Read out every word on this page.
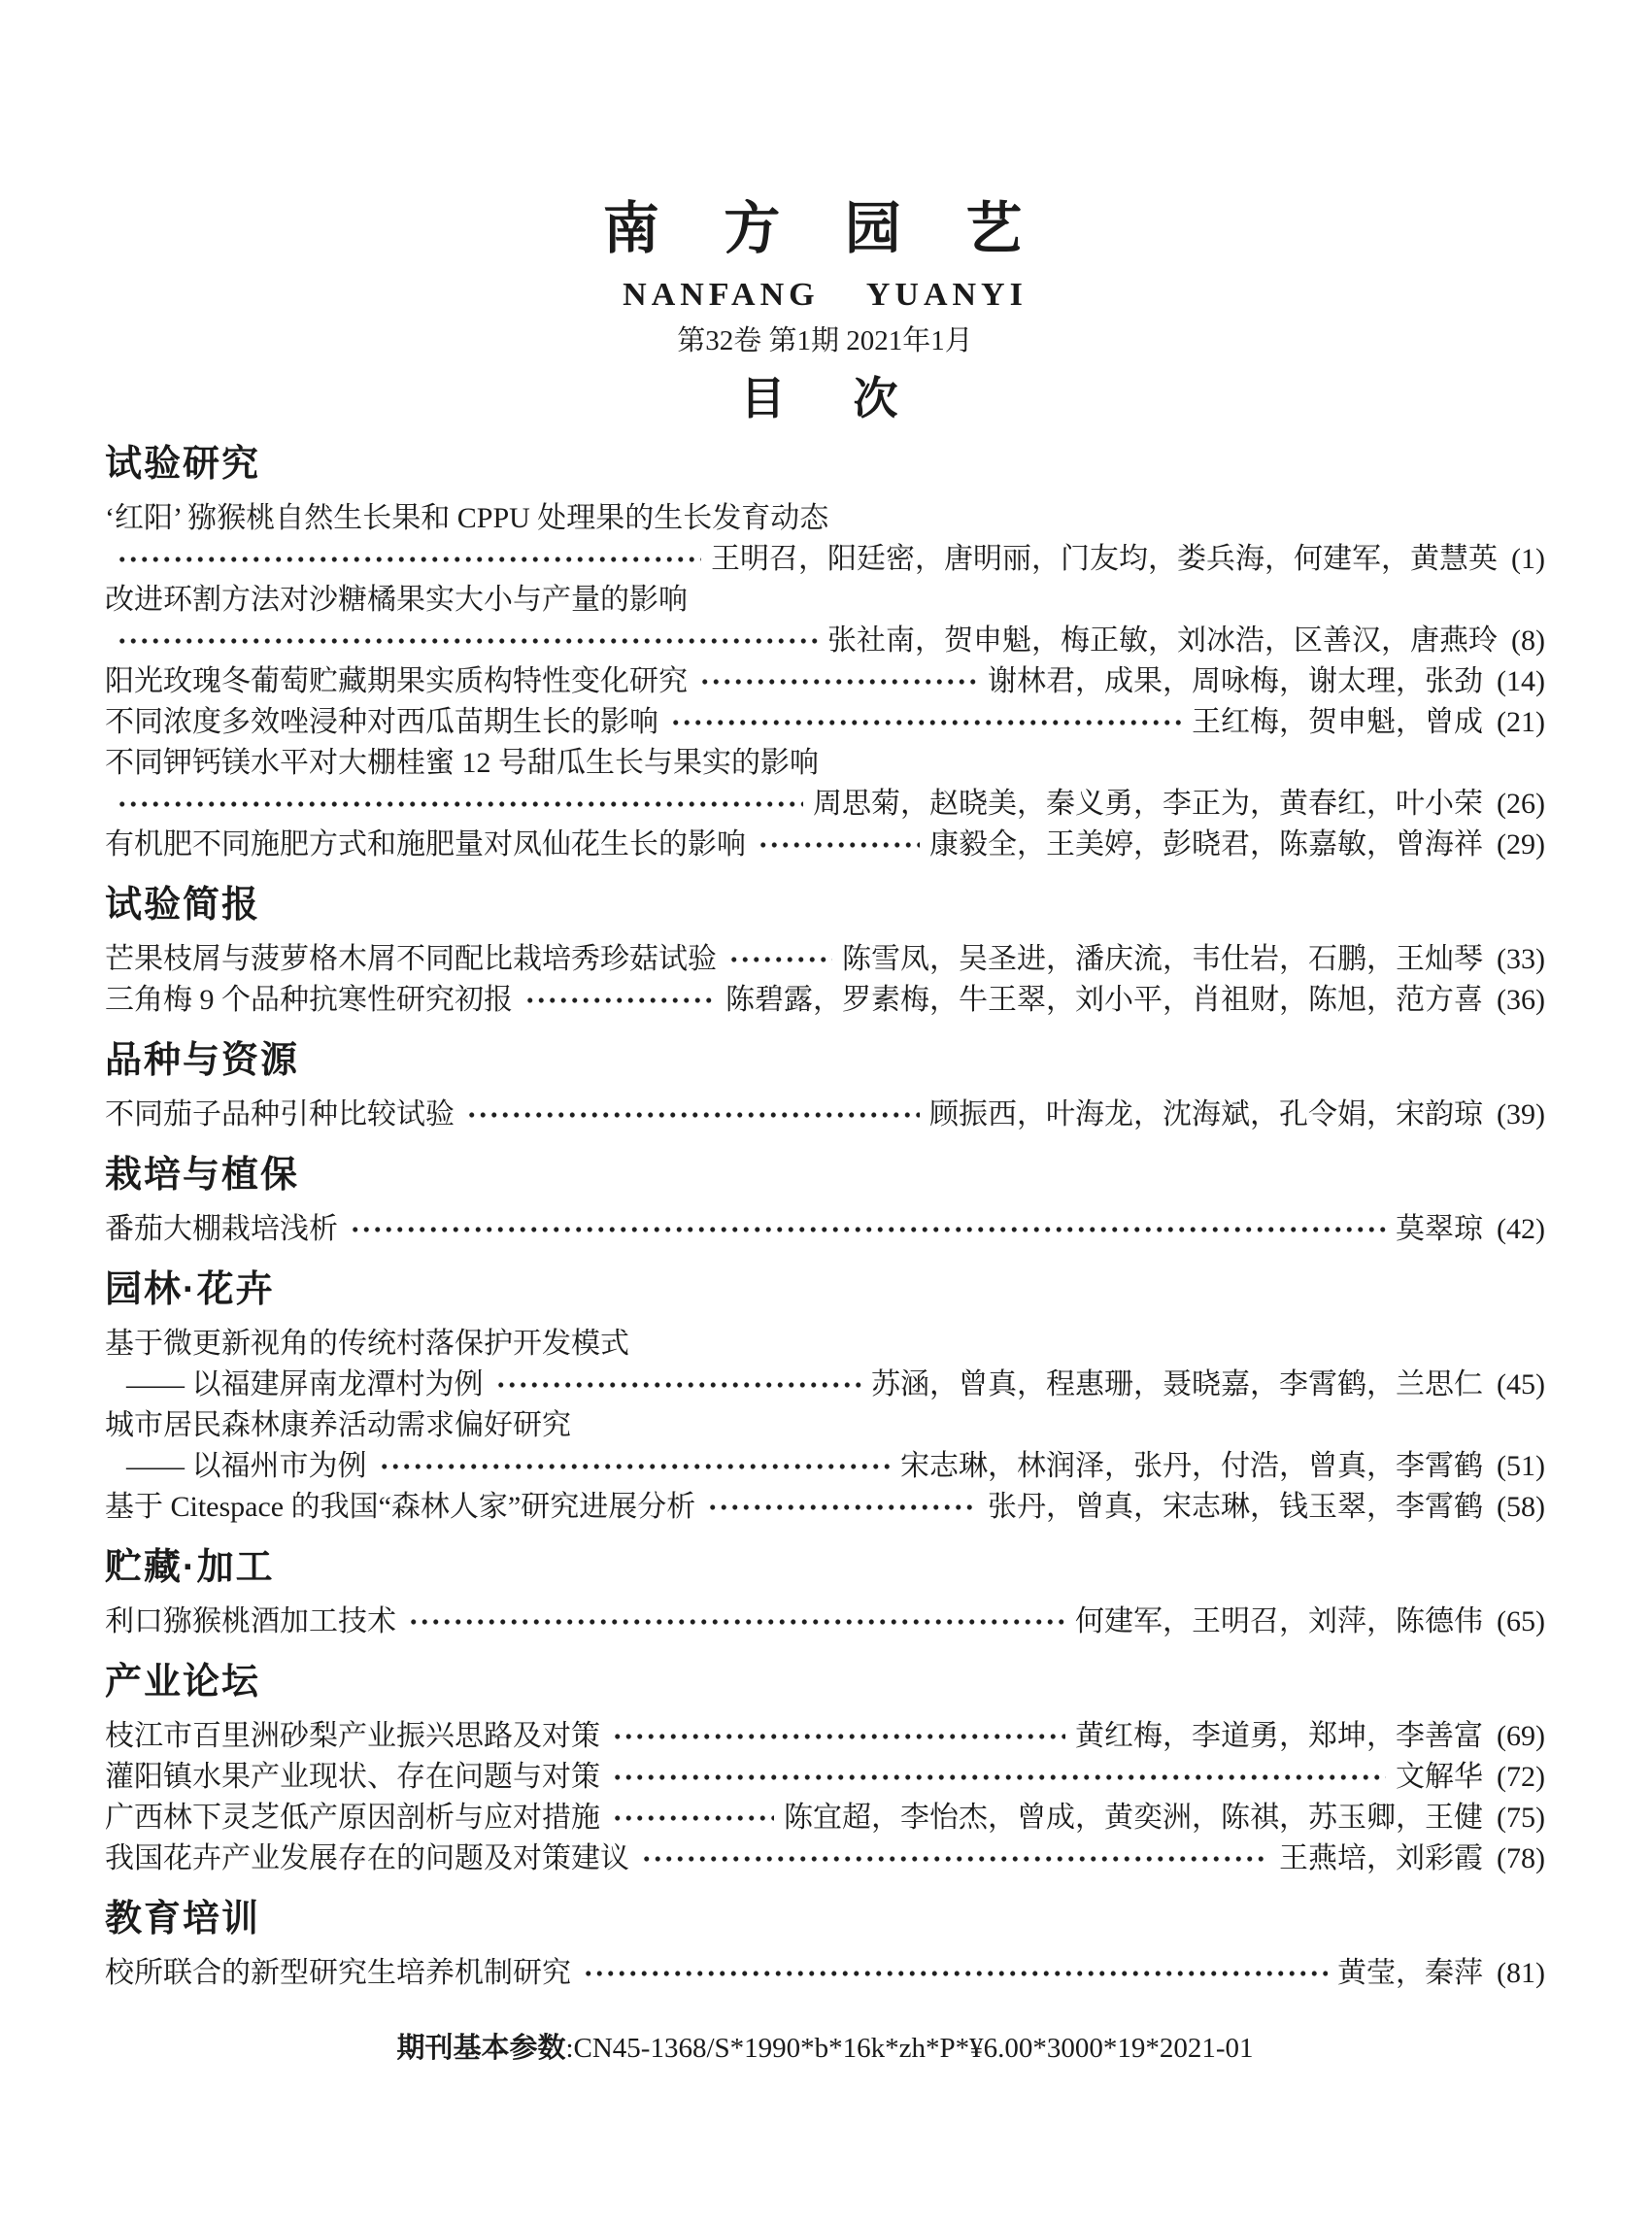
南 方 园 艺
NANFANG YUANYI
第32卷 第1期 2021年1月
目　次
试验研究
‘红阳’ 猕猴桃自然生长果和 CPPU 处理果的生长发育动态
王明召，阳廷密，唐明丽，门友均，娄兵海，何建军，黄慧英 (1)
改进环割方法对沙糖橘果实大小与产量的影响
张社南，贺申魁，梅正敏，刘冰浩，区善汉，唐燕玲 (8)
阳光玫瑰冬葡萄贮藏期果实质构特性变化研究	谢林君，成果，周咏梅，谢太理，张劲 (14)
不同浓度多效唑浸种对西瓜苗期生长的影响	王红梅，贺申魁，曾成 (21)
不同钾钙镁水平对大棚桂蜜 12 号甜瓜生长与果实的影响
周思菊，赵晓美，秦义勇，李正为，黄春红，叶小荣 (26)
有机肥不同施肥方式和施肥量对凤仙花生长的影响	康毅全，王美婷，彭晓君，陈嘉敏，曾海祥 (29)
试验简报
芒果枝屑与菠萝格木屑不同配比栽培秀珍菇试验	陈雪凤，吴圣进，潘庆流，韦仕岩，石鹏，王灿琴 (33)
三角梅 9 个品种抗寒性研究初报	陈碧露，罗素梅，牛王翠，刘小平，肖祖财，陈旭，范方喜 (36)
品种与资源
不同茄子品种引种比较试验	顾振西，叶海龙，沈海斌，孔令娟，宋韵琼 (39)
栽培与植保
番茄大棚栽培浅析	莫翠琼 (42)
园林·花卉
基于微更新视角的传统村落保护开发模式
—— 以福建屏南龙潭村为例	苏涵，曾真，程惠珊，聂晓嘉，李霄鹤，兰思仁 (45)
城市居民森林康养活动需求偏好研究
—— 以福州市为例	宋志琳，林润泽，张丹，付浩，曾真，李霄鹤 (51)
基于 Citespace 的我国“森林人家”研究进展分析	张丹，曾真，宋志琳，钱玉翠，李霄鹤 (58)
贮藏·加工
利口猕猴桃酒加工技术	何建军，王明召，刘萍，陈德伟 (65)
产业论坛
枝江市百里洲砂梨产业振兴思路及对策	黄红梅，李道勇，郑坤，李善富 (69)
灌阳镇水果产业现状、存在问题与对策	文解华 (72)
广西林下灵芝低产原因剖析与应对措施	陈宜超，李怡杰，曾成，黄奕洲，陈祺，苏玉卿，王健 (75)
我国花卉产业发展存在的问题及对策建议	王燕培，刘彩霞 (78)
教育培训
校所联合的新型研究生培养机制研究	黄莹，秦萍 (81)
期刊基本参数:CN45-1368/S*1990*b*16k*zh*P*¥6.00*3000*19*2021-01
